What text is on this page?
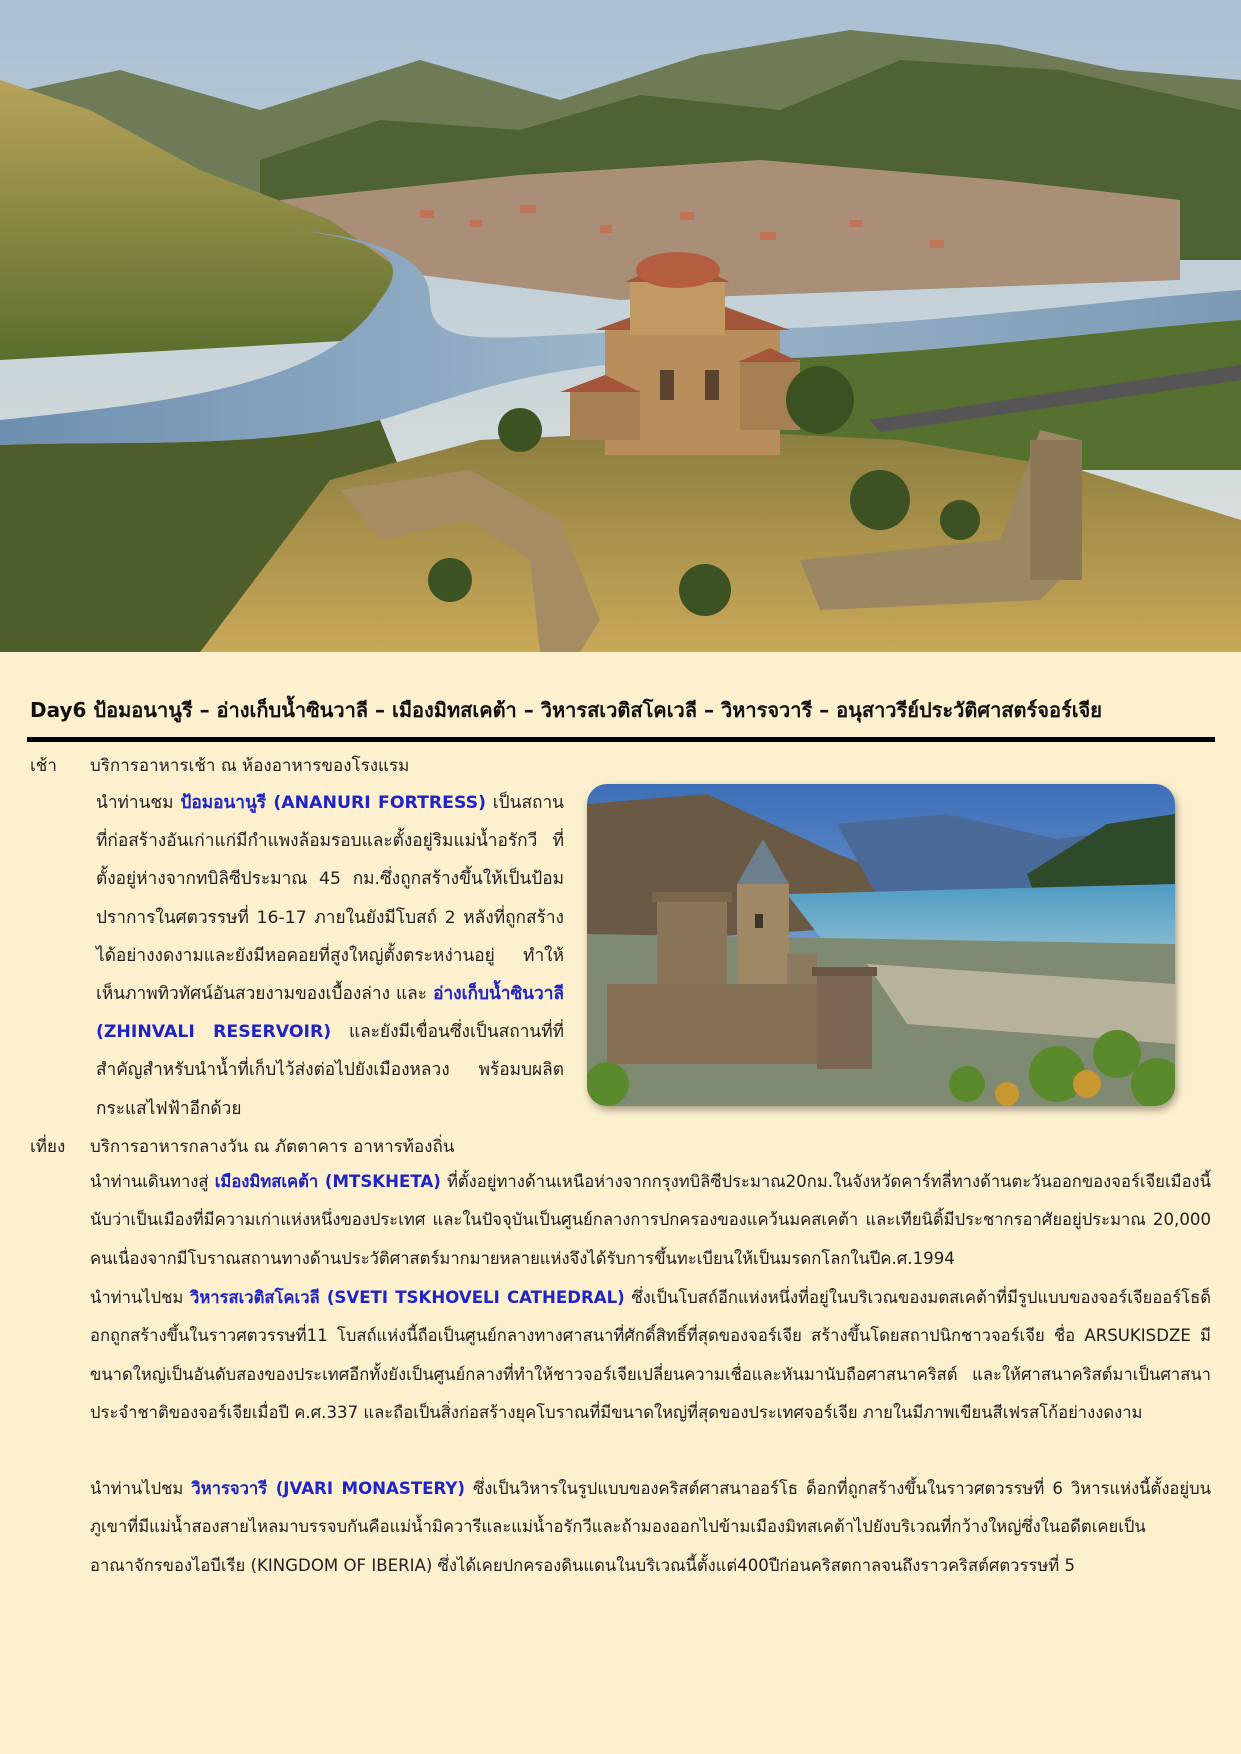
Day6 ป้อมอนานูรี – อ่างเก็บน้ำซินวาลี – เมืองมิทสเคต้า – วิหารสเวติสโคเวลี – วิหารจวารี – อนุสาวรีย์ประวัติศาสตร์จอร์เจีย
เช้า บริการอาหารเช้า ณ ห้องอาหารของโรงแรม
นำท่านชม ป้อมอนานูรี (ANANURI FORTRESS) เป็นสถานที่ก่อสร้างอันเก่าแก่มีกำแพงล้อมรอบและตั้งอยู่ริมแม่น้ำอรักวี ที่ตั้งอยู่ห่างจากทบิลิซีประมาณ 45 กม.ซึ่งถูกสร้างขึ้นให้เป็นป้อมปราการในศตวรรษที่ 16-17 ภายในยังมีโบสถ์ 2 หลังที่ถูกสร้างได้อย่างงดงามและยังมีหอคอยที่สูงใหญ่ตั้งตระหง่านอยู่ ทำให้เห็นภาพทิวทัศน์อันสวยงามของเบื้องล่าง และ อ่างเก็บน้ำซินวาลี (ZHINVALI RESERVOIR) และยังมีเขื่อนซึ่งเป็นสถานที่ที่สำคัญสำหรับนำน้ำที่เก็บไว้ส่งต่อไปยังเมืองหลวง พร้อมบผลิตกระแสไฟฟ้าอีกด้วย
เที่ยง บริการอาหารกลางวัน ณ ภัตตาคาร อาหารท้องถิ่น
นำท่านเดินทางสู่ เมืองมิทสเคต้า (MTSKHETA) ที่ตั้งอยู่ทางด้านเหนือห่างจากกรุงทบิลิซีประมาณ20กม.ในจังหวัดคาร์ทลี่ทางด้านตะวันออกของจอร์เจียเมืองนี้นับว่าเป็นเมืองที่มีความเก่าแห่งหนึ่งของประเทศ และในปัจจุบันเป็นศูนย์กลางการปกครองของแคว้นมคสเคต้า และเทียนิติ้มีประชากรอาศัยอยู่ประมาณ 20,000 คนเนื่องจากมีโบราณสถานทางด้านประวัติศาสตร์มากมายหลายแห่งจึงได้รับการขึ้นทะเบียนให้เป็นมรดกโลกในปีค.ศ.1994
นำท่านไปชม วิหารสเวติสโคเวลี (SVETI TSKHOVELI CATHEDRAL) ซึ่งเป็นโบสถ์อีกแห่งหนึ่งที่อยู่ในบริเวณของมตสเคต้าที่มีรูปแบบของจอร์เจียออร์โธด็อกถูกสร้างขึ้นในราวศตวรรษที่11 โบสถ์แห่งนี้ถือเป็นศูนย์กลางทางศาสนาที่ศักดิ์สิทธิ์ที่สุดของจอร์เจีย สร้างขึ้นโดยสถาปนิกชาวจอร์เจีย ชื่อ ARSUKISDZE มีขนาดใหญ่เป็นอันดับสองของประเทศอีกทั้งยังเป็นศูนย์กลางที่ทำให้ชาวจอร์เจียเปลี่ยนความเชื่อและหันมานับถือศาสนาคริสต์ และให้ศาสนาคริสต์มาเป็นศาสนาประจำชาติของจอร์เจียเมื่อปี ค.ศ.337 และถือเป็นสิ่งก่อสร้างยุคโบราณที่มีขนาดใหญ่ที่สุดของประเทศจอร์เจีย ภายในมีภาพเขียนสีเฟรสโก้อย่างงดงาม
นำท่านไปชม วิหารจวารี (JVARI MONASTERY) ซึ่งเป็นวิหารในรูปแบบของคริสต์ศาสนาออร์โธ ด็อกที่ถูกสร้างขึ้นในราวศตวรรษที่ 6 วิหารแห่งนี้ตั้งอยู่บนภูเขาที่มีแม่น้ำสองสายไหลมาบรรจบกันคือแม่น้ำมิควารีและแม่น้ำอรักวีและถ้ามองออกไปข้ามเมืองมิทสเคต้าไปยังบริเวณที่กว้างใหญ่ซึ่งในอดีตเคยเป็นอาณาจักรของไอบีเรีย (KINGDOM OF IBERIA) ซึ่งได้เคยปกครองดินแดนในบริเวณนี้ตั้งแต่400ปีก่อนคริสตกาลจนถึงราวคริสต์ศตวรรษที่ 5
